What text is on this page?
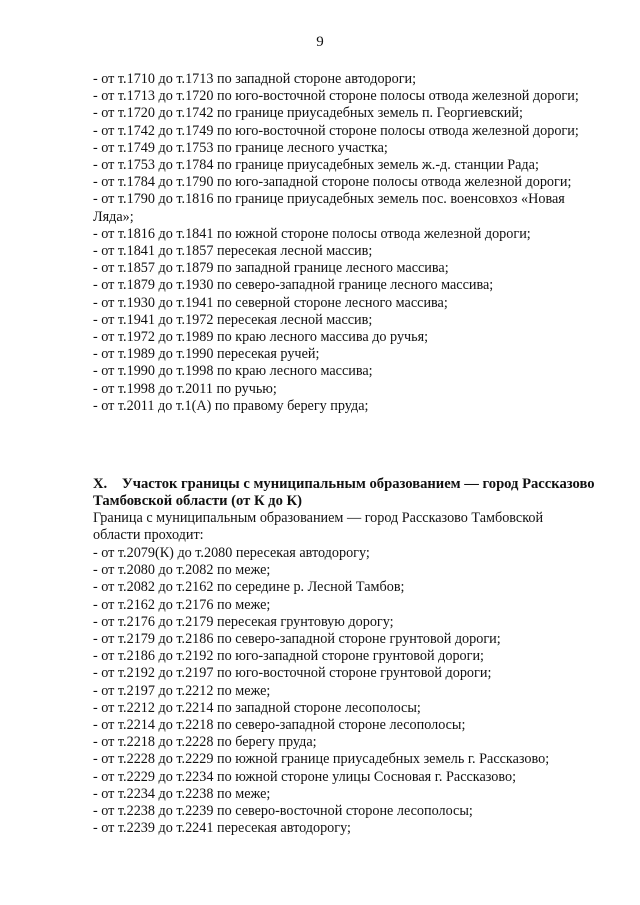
9
- от т.1710 до т.1713 по западной стороне автодороги;
- от т.1713 до т.1720 по юго-восточной стороне полосы отвода железной дороги;
- от т.1720 до т.1742 по границе приусадебных земель п. Георгиевский;
- от т.1742 до т.1749 по юго-восточной стороне полосы отвода железной дороги;
- от т.1749 до т.1753 по границе лесного участка;
- от т.1753 до т.1784 по границе приусадебных земель ж.-д. станции Рада;
- от т.1784 до т.1790 по юго-западной стороне полосы отвода железной дороги;
- от т.1790 до т.1816 по границе приусадебных земель пос. военсовхоз «Новая Ляда»;
- от т.1816 до т.1841 по южной стороне полосы отвода железной дороги;
- от т.1841 до т.1857 пересекая лесной массив;
- от т.1857 до т.1879 по западной границе лесного массива;
- от т.1879 до т.1930 по северо-западной границе лесного массива;
- от т.1930 до т.1941 по северной стороне лесного массива;
- от т.1941 до т.1972 пересекая лесной массив;
- от т.1972 до т.1989 по краю лесного массива до ручья;
- от т.1989 до т.1990 пересекая ручей;
- от т.1990 до т.1998 по краю лесного массива;
- от т.1998 до т.2011 по ручью;
- от т.2011 до т.1(А) по правому берегу пруда;
X. Участок границы с муниципальным образованием — город Рассказово Тамбовской области (от К до К)
Граница с муниципальным образованием — город Рассказово Тамбовской области проходит:
- от т.2079(К) до т.2080 пересекая автодорогу;
- от т.2080 до т.2082 по меже;
- от т.2082 до т.2162 по середине р. Лесной Тамбов;
- от т.2162 до т.2176 по меже;
- от т.2176 до т.2179 пересекая грунтовую дорогу;
- от т.2179 до т.2186 по северо-западной стороне грунтовой дороги;
- от т.2186 до т.2192 по юго-западной стороне грунтовой дороги;
- от т.2192 до т.2197 по юго-восточной стороне грунтовой дороги;
- от т.2197 до т.2212 по меже;
- от т.2212 до т.2214 по западной стороне лесополосы;
- от т.2214 до т.2218 по северо-западной стороне лесополосы;
- от т.2218 до т.2228 по берегу пруда;
- от т.2228 до т.2229 по южной границе приусадебных земель г. Рассказово;
- от т.2229 до т.2234 по южной стороне улицы Сосновая г. Рассказово;
- от т.2234 до т.2238 по меже;
- от т.2238 до т.2239 по северо-восточной стороне лесополосы;
- от т.2239 до т.2241 пересекая автодорогу;
